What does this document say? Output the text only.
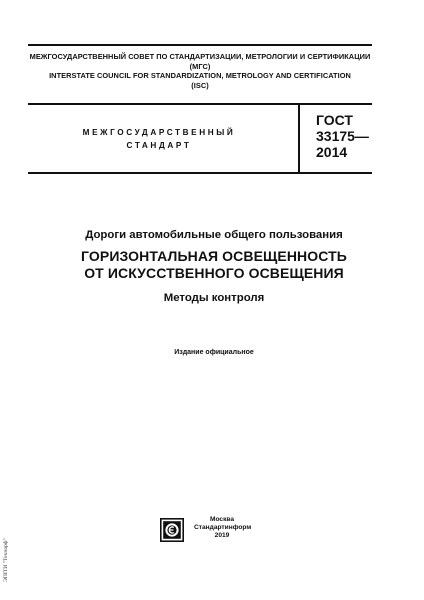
МЕЖГОСУДАРСТВЕННЫЙ СОВЕТ ПО СТАНДАРТИЗАЦИИ, МЕТРОЛОГИИ И СЕРТИФИКАЦИИ
(МГС)
INTERSTATE COUNCIL FOR STANDARDIZATION, METROLOGY AND CERTIFICATION
(ISC)
МЕЖГОСУДАРСТВЕННЫЙ
СТАНДАРТ
ГОСТ
33175—
2014
Дороги автомобильные общего пользования
ГОРИЗОНТАЛЬНАЯ ОСВЕЩЕННОСТЬ
ОТ ИСКУССТВЕННОГО ОСВЕЩЕНИЯ
Методы контроля
Издание официальное
Москва
Стандартинформ
2019
ЭПІТИ "Технорф"
